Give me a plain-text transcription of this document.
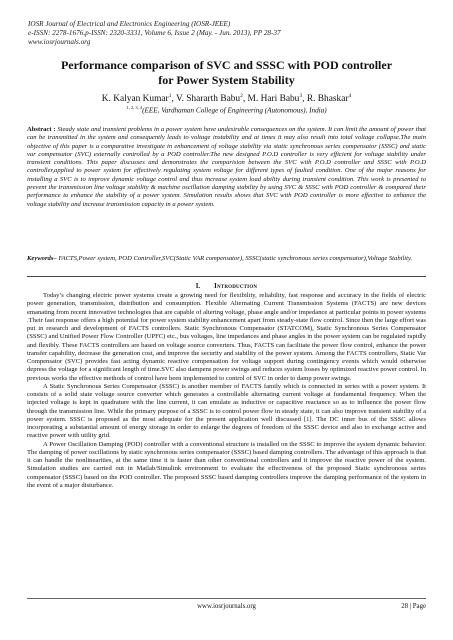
IOSR Journal of Electrical and Electronics Engineering (IOSR-JEEE)
e-ISSN: 2278-1676,p-ISSN: 2320-3331, Volume 6, Issue 2 (May. - Jun. 2013), PP 28-37
www.iosrjournals.org
Performance comparison of SVC and SSSC with POD controller
for Power System Stability
K. Kalyan Kumar$^1$, V. Shararth Babu$^2$, M. Hari Babu$^3$, R. Bhaskar$^4$
$^{1, 2, 3, 4}$(EEE, Vardhaman College of Engineering (Autonomous), India)
Abstract : Steady state and transient problems in a power system have undesirable consequences on the system. It can limit the amount of power that can be transmitted in the system and consequently leads to voltage instability and at times it may also result into total voltage collapse.The main objective of this paper is a comparative investigate in enhancement of voltage stability via static synchronous series compensator (SSSC) and static var compensator (SVC) externally controlled by a POD controller.The new designed P.O.D controller is very efficient for voltage stability under transient conditions. This paper discusses and demonstrates the comparision between the SVC with P.O.D controller and SSSC with P.O.D controller,applied to power system for effectively regulating system voltage for different types of faulted condition. One of the major reasons for installing a SVC is to improve dynamic voltage control and thus increase system load ability during transient condition. This work is presented to prevent the transmission line voltage stability & machine oscillation damping stability by using SVC & SSSC with POD controller & compared their performance to enhance the stability of a power system. Simulation results shows that SVC with POD controller is more effective to enhance the voltage stability and increase transmission capacity in a power system.
Keywords– FACTS,Power system, POD Controller,SVC(Static VAR compensator), SSSC(static synchronous series compensator),Voltage Stability.
I. Introduction

Today’s changing electric power systems create a growing need for flexibility, reliability, fast response and accuracy in the fields of electric power generation, transmission, distribution and consumption. Flexible Alternating Current Transmission Systems (FACTS) are new devices emanating from recent innovative technologies that are capable of altering voltage, phase angle and/or impedance at particular points in power systems .Their fast response offers a high potential for power system stability enhancement apart from steady-state flow control. Since then the large effort was put in research and development of FACTS controllers. Static Synchronous Compensator (STATCOM), Static Synchronous Series Compensator (SSSC) and Unified Power Flow Controller (UPFC) etc., bus voltages, line impedances and phase angles in the power system can be regulated rapidly and flexibly. These FACTS controllers are based on voltage source converters. Thus, FACTS can facilitate the power flow control, enhance the power transfer capability, decrease the generation cost, and improve the security and stability of the power system. Among the FACTS controllers, Static Var Compensator (SVC) provides fast acting dynamic reactive compensation for voltage support during contingency events which would otherwise depress the voltage for a significant length of time.SVC also dampens power swings and reduces system losses by optimized reactive power control. In previous works the effective methods of control have been implemented to control of SVC in order to damp power swings.

A Static Synchronous Series Compensator (SSSC) is another member of FACTS family which is connected in series with a power system. It consists of a solid state voltage source converter which generates a controllable alternating current voltage at fundamental frequency. When the injected voltage is kept in quadrature with the line current, it can emulate as inductive or capacitive reactance so as to influence the power flow through the transmission line. While the primary purpose of a SSSC is to control power flow in steady state, it can also improve transient stability of a power system. SSSC is proposed as the most adequate for the present application well discussed [1]. The DC inner bus of the SSSC allows incorporating a substantial amount of energy storage in order to enlarge the degrees of freedom of the SSSC device and also to exchange active and reactive power with utility grid.

A Power Oscillation Damping (POD) controller with a conventional structure is installed on the SSSC to improve the system dynamic behavior. The damping of power oscillations by static synchronous series compensator (SSSC) based damping controllers. The advantage of this approach is that it can handle the nonlinearities, at the same time it is faster than other conventional controllers and it improve the reactive power of the system. Simulation studies are carried out in Matlab/Simulink environment to evaluate the effectiveness of the proposed Static synchronous series compensator (SSSC) based on the POD controller. The proposed SSSC based damping controllers improve the damping performance of the system in the event of a major disturbance.

www.iosrjournals.org	28 | Page
